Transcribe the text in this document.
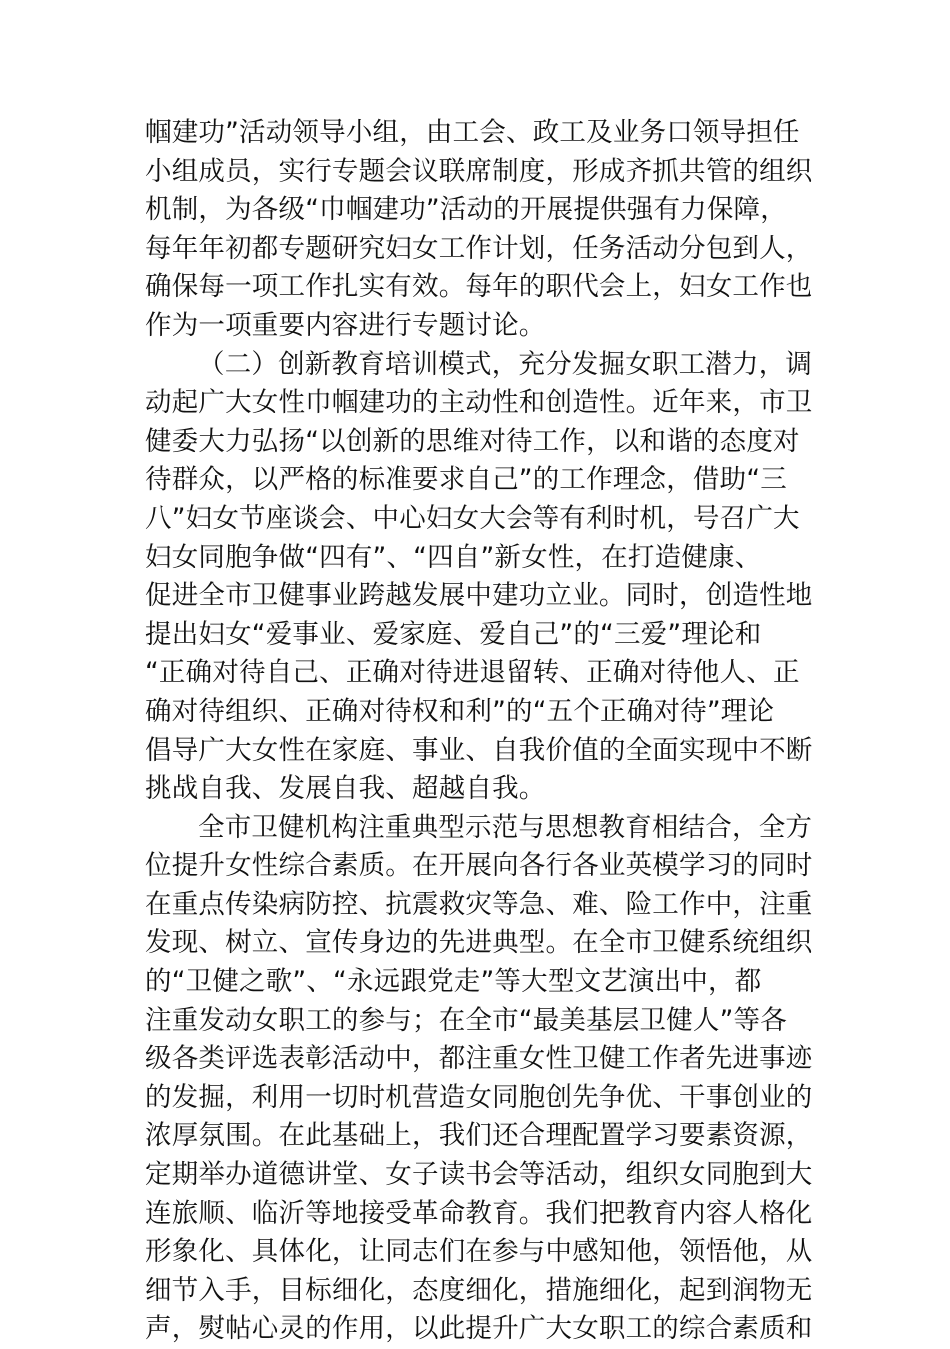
帼建功”活动领导小组，由工会、政工及业务口领导担任
小组成员，实行专题会议联席制度，形成齐抓共管的组织
机制，为各级“巾帼建功”活动的开展提供强有力保障，
每年年初都专题研究妇女工作计划，任务活动分包到人，
确保每一项工作扎实有效。每年的职代会上，妇女工作也
作为一项重要内容进行专题讨论。
（二）创新教育培训模式，充分发掘女职工潜力，调
动起广大女性巾帼建功的主动性和创造性。近年来，市卫
健委大力弘扬“以创新的思维对待工作，以和谐的态度对
待群众，以严格的标准要求自己”的工作理念，借助“三
八”妇女节座谈会、中心妇女大会等有利时机，号召广大
妇女同胞争做“四有”、“四自”新女性，在打造健康、
促进全市卫健事业跨越发展中建功立业。同时，创造性地
提出妇女“爱事业、爱家庭、爱自己”的“三爱”理论和
“正确对待自己、正确对待进退留转、正确对待他人、正
确对待组织、正确对待权和利”的“五个正确对待”理论
倡导广大女性在家庭、事业、自我价值的全面实现中不断
挑战自我、发展自我、超越自我。
全市卫健机构注重典型示范与思想教育相结合，全方
位提升女性综合素质。在开展向各行各业英模学习的同时
在重点传染病防控、抗震救灾等急、难、险工作中，注重
发现、树立、宣传身边的先进典型。在全市卫健系统组织
的“卫健之歌”、“永远跟党走”等大型文艺演出中，都
注重发动女职工的参与；在全市“最美基层卫健人”等各
级各类评选表彰活动中，都注重女性卫健工作者先进事迹
的发掘，利用一切时机营造女同胞创先争优、干事创业的
浓厚氛围。在此基础上，我们还合理配置学习要素资源，
定期举办道德讲堂、女子读书会等活动，组织女同胞到大
连旅顺、临沂等地接受革命教育。我们把教育内容人格化
形象化、具体化，让同志们在参与中感知他，领悟他，从
细节入手，目标细化，态度细化，措施细化，起到润物无
声，熨帖心灵的作用，以此提升广大女职工的综合素质和
